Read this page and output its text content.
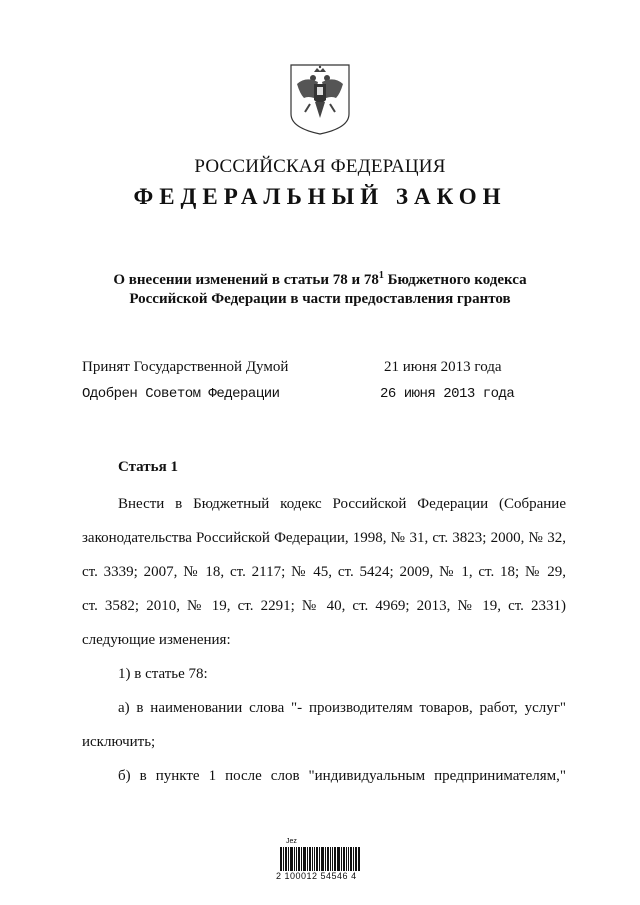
РОССИЙСКАЯ ФЕДЕРАЦИЯ
ФЕДЕРАЛЬНЫЙ ЗАКОН
О внесении изменений в статьи 78 и $78^1$ Бюджетного кодекса
Российской Федерации в части предоставления грантов
Принят Государственной Думой	21 июня 2013 года
Одобрен Советом Федерации	26 июня 2013 года
Статья 1

Внести в Бюджетный кодекс Российской Федерации (Собрание

законодательства Российской Федерации, 1998, № 31, ст. 3823; 2000, № 32,

ст. 3339; 2007, № 18, ст. 2117; № 45, ст. 5424; 2009, № 1, ст. 18; № 29,

ст. 3582; 2010, № 19, ст. 2291; № 40, ст. 4969; 2013, № 19, ст. 2331)

следующие изменения:

1) в статье 78:

а) в наименовании слова "- производителям товаров, работ, услуг"

исключить;

б) в пункте 1 после слов "индивидуальным предпринимателям,"

Jez
2 100012 54546 4
